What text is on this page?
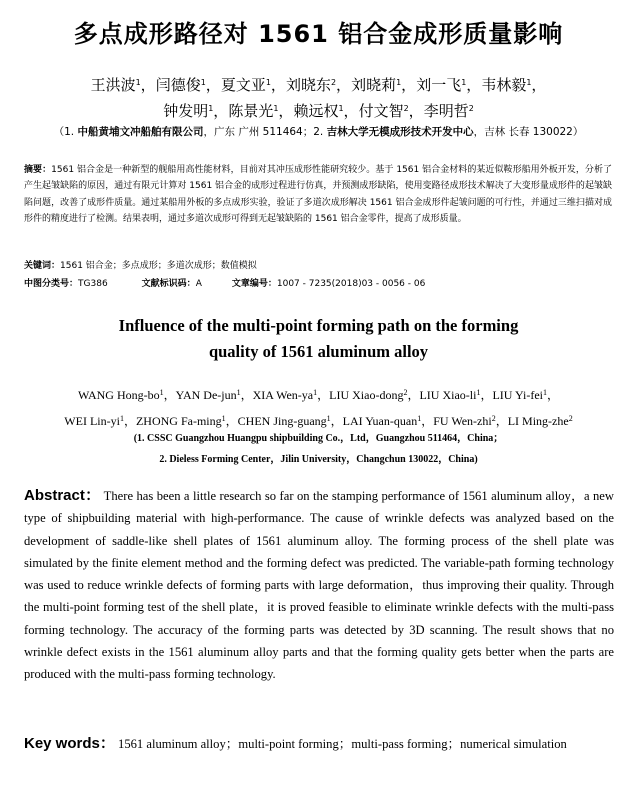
多点成形路径对 1561 铝合金成形质量影响
王洪波$^1$，闫德俊$^1$，夏文亚$^1$，刘晓东$^2$，刘晓莉$^1$，刘一飞$^1$，韦林毅$^1$，
钟发明$^1$，陈景光$^1$，赖远权$^1$，付文智$^2$，李明哲$^2$
（1. 中船黄埔文冲船舶有限公司，广东 广州 511464；2. 吉林大学无模成形技术开发中心，吉林 长春 130022）
摘要：1561 铝合金是一种新型的舰船用高性能材料，目前对其冲压成形性能研究较少。基于 1561 铝合金材料的某近似鞍形船用外板开发，分析了产生起皱缺陷的原因，通过有限元计算对 1561 铝合金的成形过程进行仿真，并预测成形缺陷，使用变路径成形技术解决了大变形量成形件的起皱缺陷问题，改善了成形件质量。通过某船用外板的多点成形实验，验证了多道次成形解决 1561 铝合金成形件起皱问题的可行性，并通过三维扫描对成形件的精度进行了检测。结果表明，通过多道次成形可得到无起皱缺陷的 1561 铝合金零件，提高了成形质量。
关键词：1561 铝合金；多点成形；多道次成形；数值模拟
中图分类号：TG386	文献标识码：A	文章编号：1007 - 7235(2018)03 - 0056 - 06
Influence of the multi-point forming path on the forming
quality of 1561 aluminum alloy
WANG Hong-$bo^1$，YAN De-jun$^1$，XIA Wen-$ya^1$，LIU Xiao-dong$^2$，LIU Xiao-$li^1$，LIU Yi-fei$^1$，
WEI Lin-$yi^1$，ZHONG Fa-ming$^1$，CHEN Jing-guang$^1$，LAI Yuan-quan$^1$，FU Wen-zhi$^2$，LI Ming-zhe$^2$
(1. CSSC Guangzhou Huangpu shipbuilding Co.，Ltd，Guangzhou 511464，China；
2. Dieless Forming Center，Jilin University，Changchun 130022，China)
Abstract： There has been a little research so far on the stamping performance of 1561 aluminum alloy，a new type of shipbuilding material with high-performance. The cause of wrinkle defects was analyzed based on the development of saddle-like shell plates of 1561 aluminum alloy. The forming process of the shell plate was simulated by the finite element method and the forming defect was predicted. The variable-path forming technology was used to reduce wrinkle defects of forming parts with large deformation，thus improving their quality. Through the multi-point forming test of the shell plate，it is proved feasible to eliminate wrinkle defects with the multi-pass forming technology. The accuracy of the forming parts was detected by 3D scanning. The result shows that no wrinkle defect exists in the 1561 aluminum alloy parts and that the forming quality gets better when the parts are produced with the multi-pass forming technology.
Key words： 1561 aluminum alloy；multi-point forming；multi-pass forming；numerical simulation
